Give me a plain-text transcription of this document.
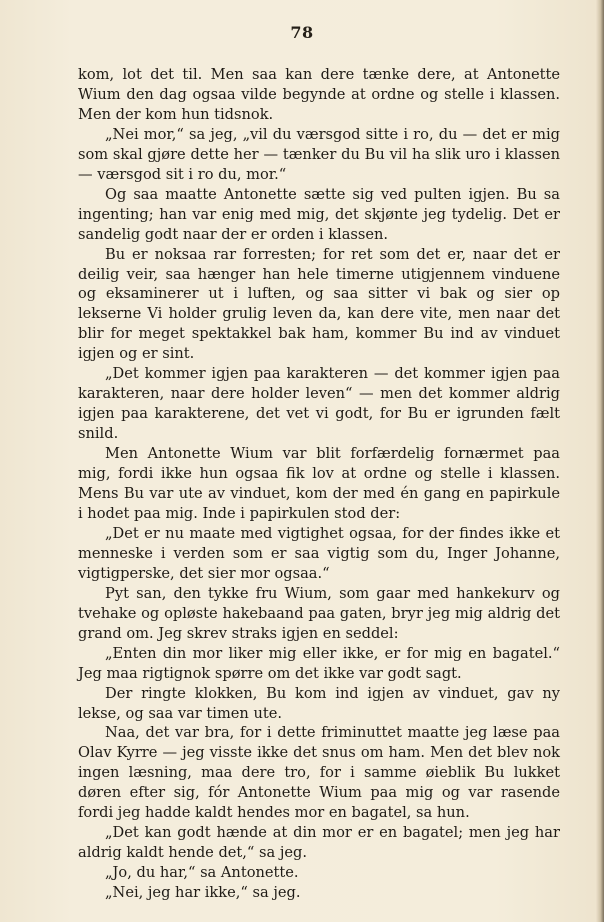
78

kom, lot det til. Men saa kan dere tænke dere, at Antonette Wium den dag ogsaa vilde begynde at ordne og stelle i klassen. Men der kom hun tidsnok.

„Nei mor,“ sa jeg, „vil du værsgod sitte i ro, du — det er mig som skal gjøre dette her — tænker du Bu vil ha slik uro i klassen — værsgod sit i ro du, mor.“

Og saa maatte Antonette sætte sig ved pulten igjen. Bu sa ingenting; han var enig med mig, det skjønte jeg tydelig. Det er sandelig godt naar der er orden i klassen.

Bu er noksaa rar forresten; for ret som det er, naar det er deilig veir, saa hænger han hele timerne utigjennem vinduene og eksaminerer ut i luften, og saa sitter vi bak og sier op lekserne Vi holder grulig leven da, kan dere vite, men naar det blir for meget spektakkel bak ham, kommer Bu ind av vinduet igjen og er sint.

„Det kommer igjen paa karakteren — det kommer igjen paa karakteren, naar dere holder leven“ — men det kommer aldrig igjen paa karakterene, det vet vi godt, for Bu er igrunden fælt snild.

Men Antonette Wium var blit forfærdelig fornærmet paa mig, fordi ikke hun ogsaa fik lov at ordne og stelle i klassen. Mens Bu var ute av vinduet, kom der med én gang en papirkule i hodet paa mig. Inde i papirkulen stod der:

„Det er nu maate med vigtighet ogsaa, for der findes ikke et menneske i verden som er saa vigtig som du, Inger Johanne, vigtigperske, det sier mor ogsaa.“

Pyt san, den tykke fru Wium, som gaar med hankekurv og tvehake og opløste hakebaand paa gaten, bryr jeg mig aldrig det grand om. Jeg skrev straks igjen en seddel:

„Enten din mor liker mig eller ikke, er for mig en bagatel.“ Jeg maa rigtignok spørre om det ikke var godt sagt.

Der ringte klokken, Bu kom ind igjen av vinduet, gav ny lekse, og saa var timen ute.

Naa, det var bra, for i dette friminuttet maatte jeg læse paa Olav Kyrre — jeg visste ikke det snus om ham. Men det blev nok ingen læsning, maa dere tro, for i samme øieblik Bu lukket døren efter sig, fór Antonette Wium paa mig og var rasende fordi jeg hadde kaldt hendes mor en bagatel, sa hun.

„Det kan godt hænde at din mor er en bagatel; men jeg har aldrig kaldt hende det,“ sa jeg.

„Jo, du har,“ sa Antonette.

„Nei, jeg har ikke,“ sa jeg.
